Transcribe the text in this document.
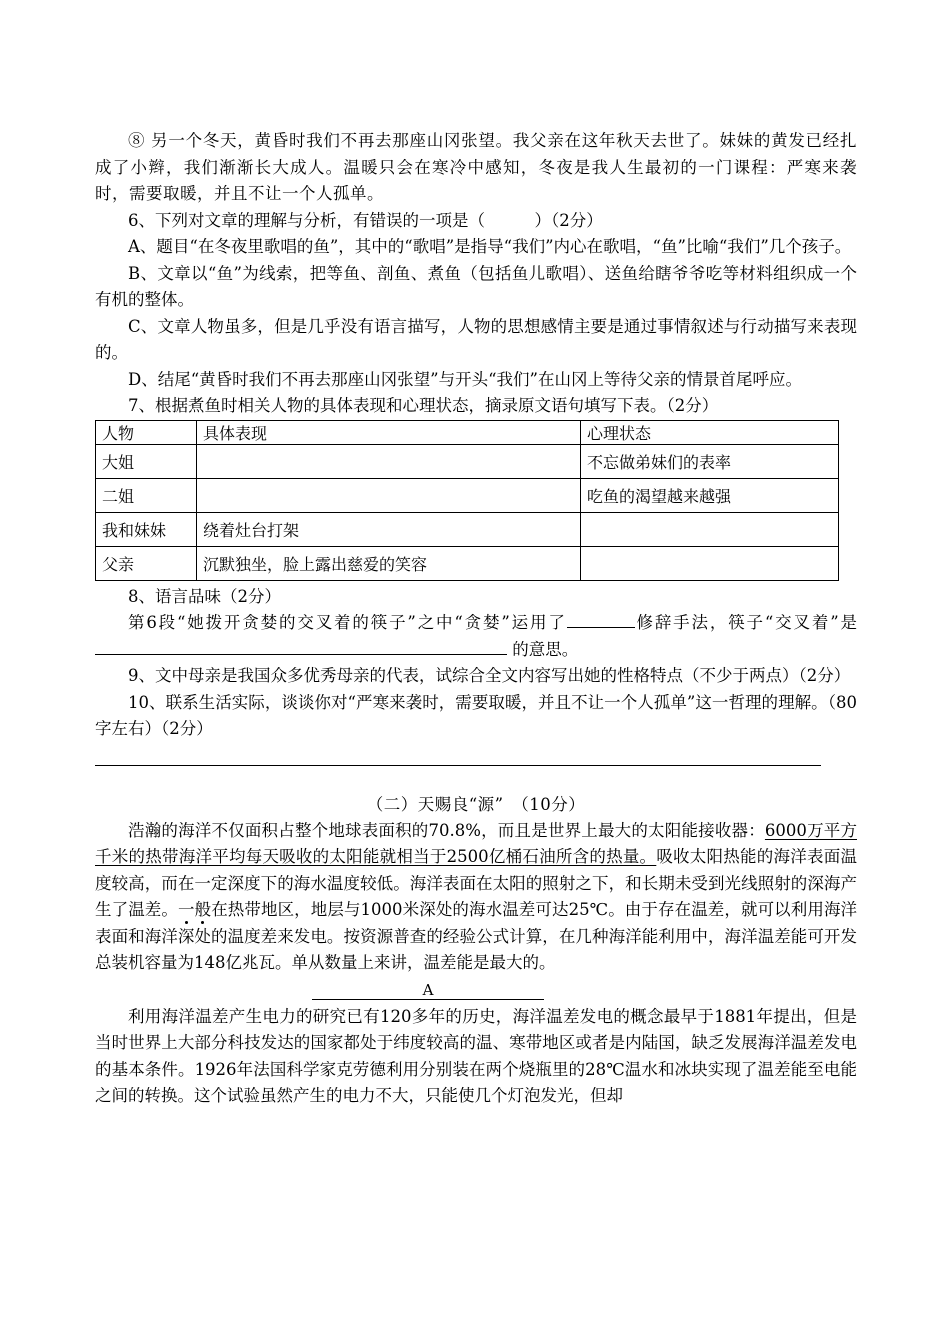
⑧ 另一个冬天，黄昏时我们不再去那座山冈张望。我父亲在这年秋天去世了。妹妹的黄发已经扎成了小辫，我们渐渐长大成人。温暖只会在寒冷中感知，冬夜是我人生最初的一门课程：严寒来袭时，需要取暖，并且不让一个人孤单。

6、下列对文章的理解与分析，有错误的一项是（　　　）（2分）

A、题目“在冬夜里歌唱的鱼”，其中的“歌唱”是指导“我们”内心在歌唱，“鱼”比喻“我们”几个孩子。

B、文章以“鱼”为线索，把等鱼、剖鱼、煮鱼（包括鱼儿歌唱）、送鱼给瞎爷爷吃等材料组织成一个有机的整体。

C、文章人物虽多，但是几乎没有语言描写，人物的思想感情主要是通过事情叙述与行动描写来表现的。

D、结尾“黄昏时我们不再去那座山冈张望”与开头“我们”在山冈上等待父亲的情景首尾呼应。

7、根据煮鱼时相关人物的具体表现和心理状态，摘录原文语句填写下表。（2分）

人物	具体表现	心理状态
大姐		不忘做弟妹们的表率
二姐		吃鱼的渴望越来越强
我和妹妹	绕着灶台打架	
父亲	沉默独坐，脸上露出慈爱的笑容	

8、语言品味（2分）

第6段“她拨开贪婪的交叉着的筷子”之中“贪婪”运用了	修辞手法，筷子“交叉着”是 的意思。

9、文中母亲是我国众多优秀母亲的代表，试综合全文内容写出她的性格特点（不少于两点）（2分）

10、联系生活实际，谈谈你对“严寒来袭时，需要取暖，并且不让一个人孤单”这一哲理的理解。（80字左右）（2分）

（二）天赐良“源”　（10分）

浩瀚的海洋不仅面积占整个地球表面积的70.8%，而且是世界上最大的太阳能接收器：6000万平方千米的热带海洋平均每天吸收的太阳能就相当于2500亿桶石油所含的热量。吸收太阳热能的海洋表面温度较高，而在一定深度下的海水温度较低。海洋表面在太阳的照射之下，和长期未受到光线照射的深海产生了温差。一般在热带地区，地层与1000米深处的海水温差可达25℃。由于存在温差，就可以利用海洋表面和海洋深处的温度差来发电。按资源普查的经验公式计算，在几种海洋能利用中，海洋温差能可开发总装机容量为148亿兆瓦。单从数量上来讲，温差能是最大的。

A

利用海洋温差产生电力的研究已有120多年的历史，海洋温差发电的概念最早于1881年提出，但是当时世界上大部分科技发达的国家都处于纬度较高的温、寒带地区或者是内陆国，缺乏发展海洋温差发电的基本条件。1926年法国科学家克劳德利用分别装在两个烧瓶里的28℃温水和冰块实现了温差能至电能之间的转换。这个试验虽然产生的电力不大，只能使几个灯泡发光，但却
